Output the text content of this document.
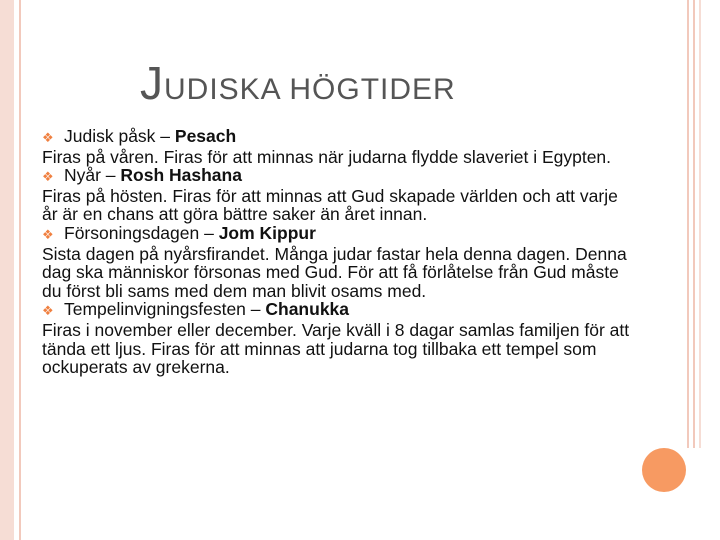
JUDISKA HÖGTIDER
❖ Judisk påsk – Pesach

Firas på våren. Firas för att minnas när judarna flydde slaveriet i Egypten.

❖ Nyår – Rosh Hashana

Firas på hösten. Firas för att minnas att Gud skapade världen och att varje år är en chans att göra bättre saker än året innan.

❖ Försoningsdagen – Jom Kippur

Sista dagen på nyårsfirandet. Många judar fastar hela denna dagen. Denna dag ska människor försonas med Gud. För att få förlåtelse från Gud måste du först bli sams med dem man blivit osams med.

❖ Tempelinvigningsfesten – Chanukka

Firas i november eller december. Varje kväll i 8 dagar samlas familjen för att tända ett ljus. Firas för att minnas att judarna tog tillbaka ett tempel som ockuperats av grekerna.
